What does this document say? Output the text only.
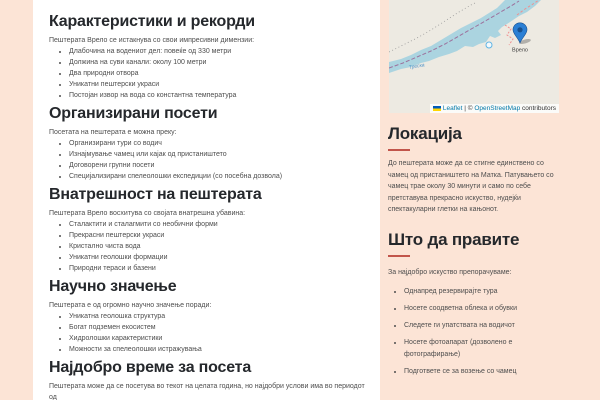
Карактеристики и рекорди

Пештерата Врело се истакнува со свои импресивни димензии:

• Длабочина на водениот дел: повеќе од 330 метри
• Должина на суви канали: околу 100 метри
• Два природни отвора
• Уникатни пештерски украси
• Постојан извор на вода со константна температура
Организирани посети

Посетата на пештерата е можна преку:

• Организирани тури со водич
• Изнајмување чамец или кајак од пристаништето
• Договорени групни посети
• Специјализирани спелеолошки експедиции (со посебна дозвола)
Внатрешност на пештерата

Пештерата Врело восхитува со својата внатрешна убавина:

• Сталактити и сталагмити со необични форми
• Прекрасни пештерски украси
• Кристално чиста вода
• Уникатни геолошки формации
• Природни тераси и базени
Научно значење

Пештерата е од огромно научно значење поради:

• Уникатна геолошка структура
• Богат подземен екосистем
• Хидролошки карактеристики
• Можности за спелеолошки истражувања
Најдобро време за посета

Пештерата може да се посетува во текот на целата година, но најдобри услови има во периодот од

Треска
Врело
Leaflet | © OpenStreetMap contributors
Локација

До пештерата може да се стигне единствено со чамец од пристаништето на Матка. Патувањето со чамец трае околу 30 минути и само по себе претставува прекрасно искуство, нудејќи спектакуларни глетки на кањонот.

Што да правите

За најдобро искуство препорачуваме:

• Однапред резервирајте тура
• Носете соодветна облека и обувки
• Следете ги упатствата на водичот
• Носете фотоапарат (дозволено е фотографирање)
• Подгответе се за возење со чамец
